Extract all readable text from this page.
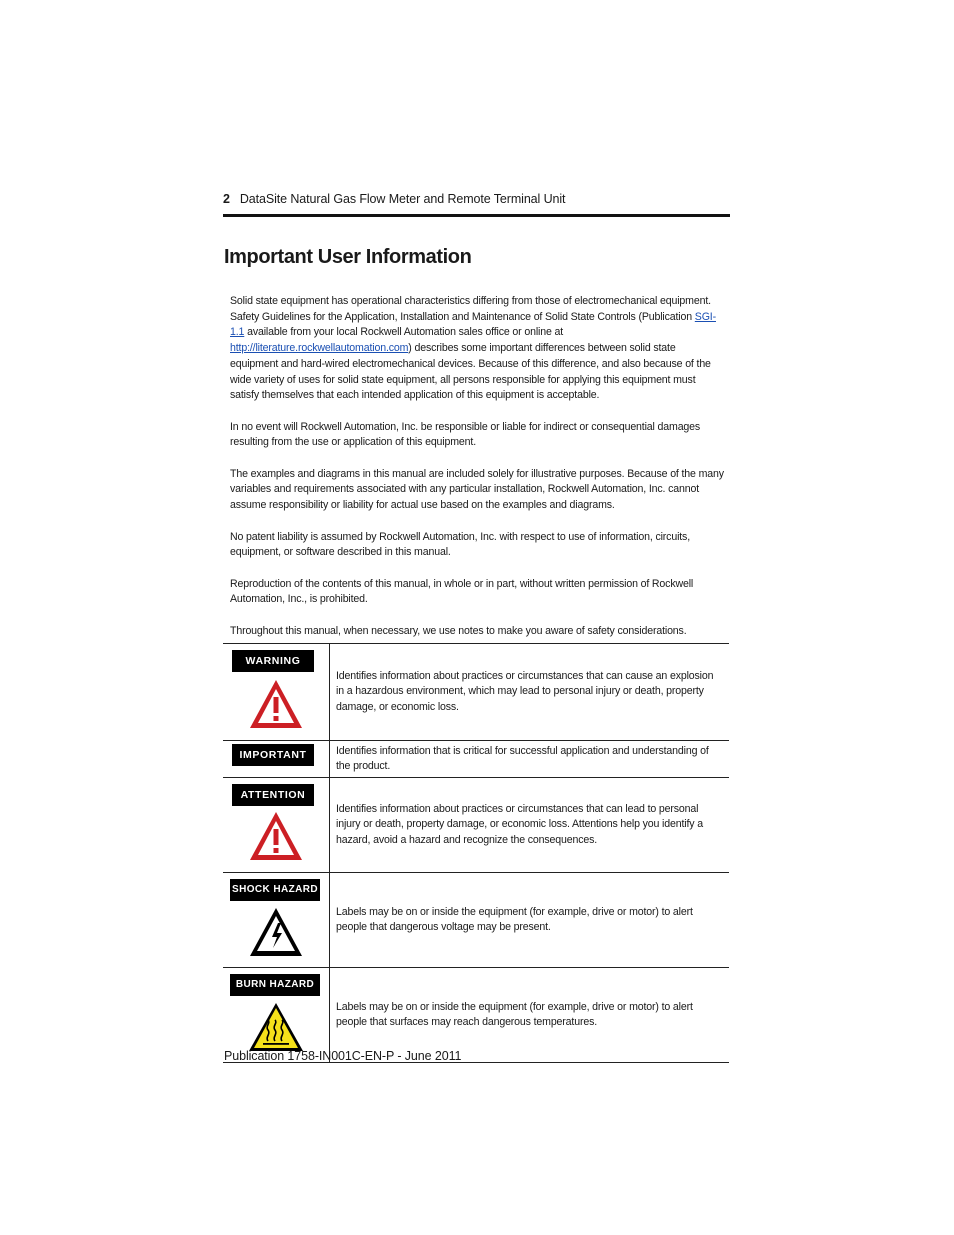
2 DataSite Natural Gas Flow Meter and Remote Terminal Unit
Important User Information

Solid state equipment has operational characteristics differing from those of electromechanical equipment. Safety Guidelines for the Application, Installation and Maintenance of Solid State Controls (Publication SGI-1.1 available from your local Rockwell Automation sales office or online at http://literature.rockwellautomation.com) describes some important differences between solid state equipment and hard-wired electromechanical devices. Because of this difference, and also because of the wide variety of uses for solid state equipment, all persons responsible for applying this equipment must satisfy themselves that each intended application of this equipment is acceptable.

In no event will Rockwell Automation, Inc. be responsible or liable for indirect or consequential damages resulting from the use or application of this equipment.

The examples and diagrams in this manual are included solely for illustrative purposes. Because of the many variables and requirements associated with any particular installation, Rockwell Automation, Inc. cannot assume responsibility or liability for actual use based on the examples and diagrams.

No patent liability is assumed by Rockwell Automation, Inc. with respect to use of information, circuits, equipment, or software described in this manual.

Reproduction of the contents of this manual, in whole or in part, without written permission of Rockwell Automation, Inc., is prohibited.

Throughout this manual, when necessary, we use notes to make you aware of safety considerations.

WARNING	Identifies information about practices or circumstances that can cause an explosion in a hazardous environment, which may lead to personal injury or death, property damage, or economic loss.

IMPORTANT	Identifies information that is critical for successful application and understanding of the product.

ATTENTION	Identifies information about practices or circumstances that can lead to personal injury or death, property damage, or economic loss. Attentions help you identify a hazard, avoid a hazard and recognize the consequences.

SHOCK HAZARD	Labels may be on or inside the equipment (for example, drive or motor) to alert people that dangerous voltage may be present.

BURN HAZARD	Labels may be on or inside the equipment (for example, drive or motor) to alert people that surfaces may reach dangerous temperatures.
Publication 1758-IN001C-EN-P - June 2011
